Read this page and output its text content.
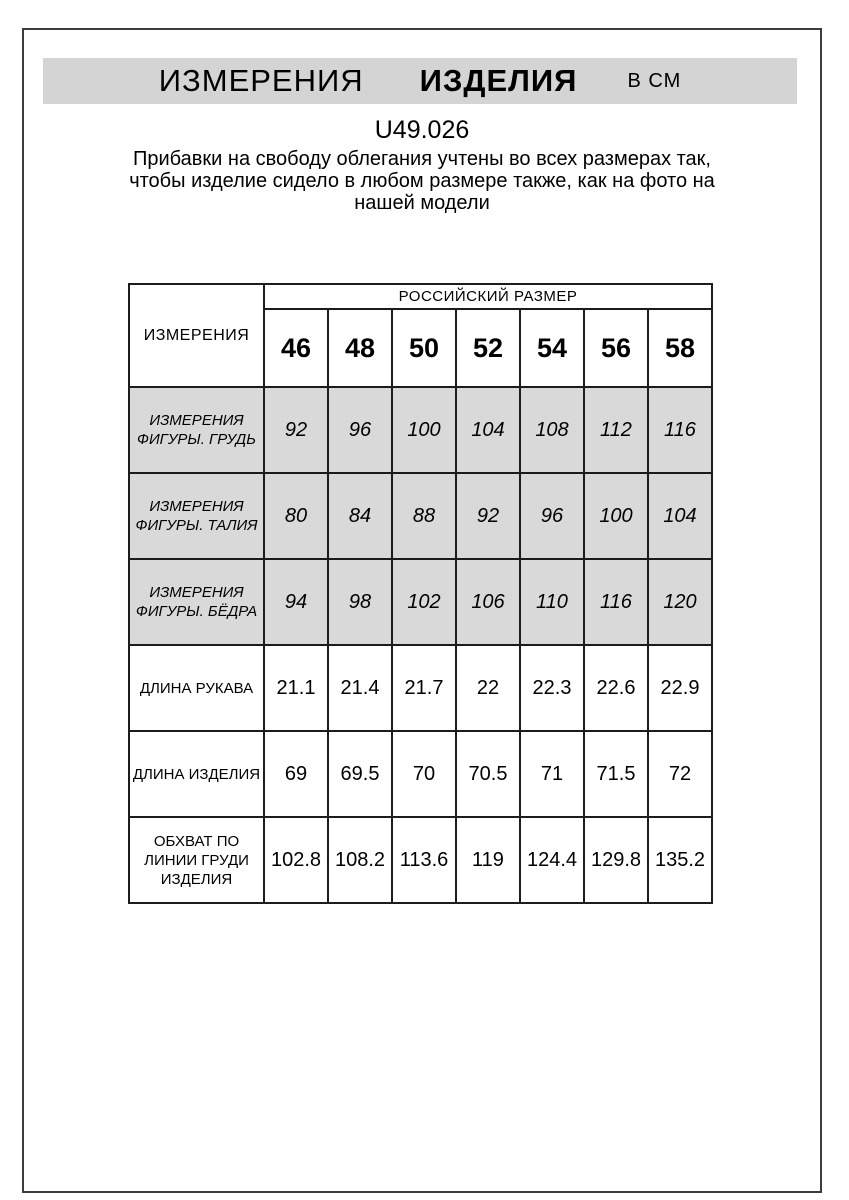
ИЗМЕРЕНИЯ ИЗДЕЛИЯ	В СМ
U49.026
Прибавки на свободу облегания учтены во всех размерах так,
чтобы изделие сидело в любом размере также, как на фото на
нашей модели
ИЗМЕРЕНИЯ	РОССИЙСКИЙ РАЗМЕР						
	46	48	50	52	54	56	58
ИЗМЕРЕНИЯ ФИГУРЫ. ГРУДЬ	92	96	100	104	108	112	116
ИЗМЕРЕНИЯ ФИГУРЫ. ТАЛИЯ	80	84	88	92	96	100	104
ИЗМЕРЕНИЯ ФИГУРЫ. БЁДРА	94	98	102	106	110	116	120
ДЛИНА РУКАВА	21.1	21.4	21.7	22	22.3	22.6	22.9
ДЛИНА ИЗДЕЛИЯ	69	69.5	70	70.5	71	71.5	72
ОБХВАТ ПО ЛИНИИ ГРУДИ ИЗДЕЛИЯ	102.8	108.2	113.6	119	124.4	129.8	135.2
